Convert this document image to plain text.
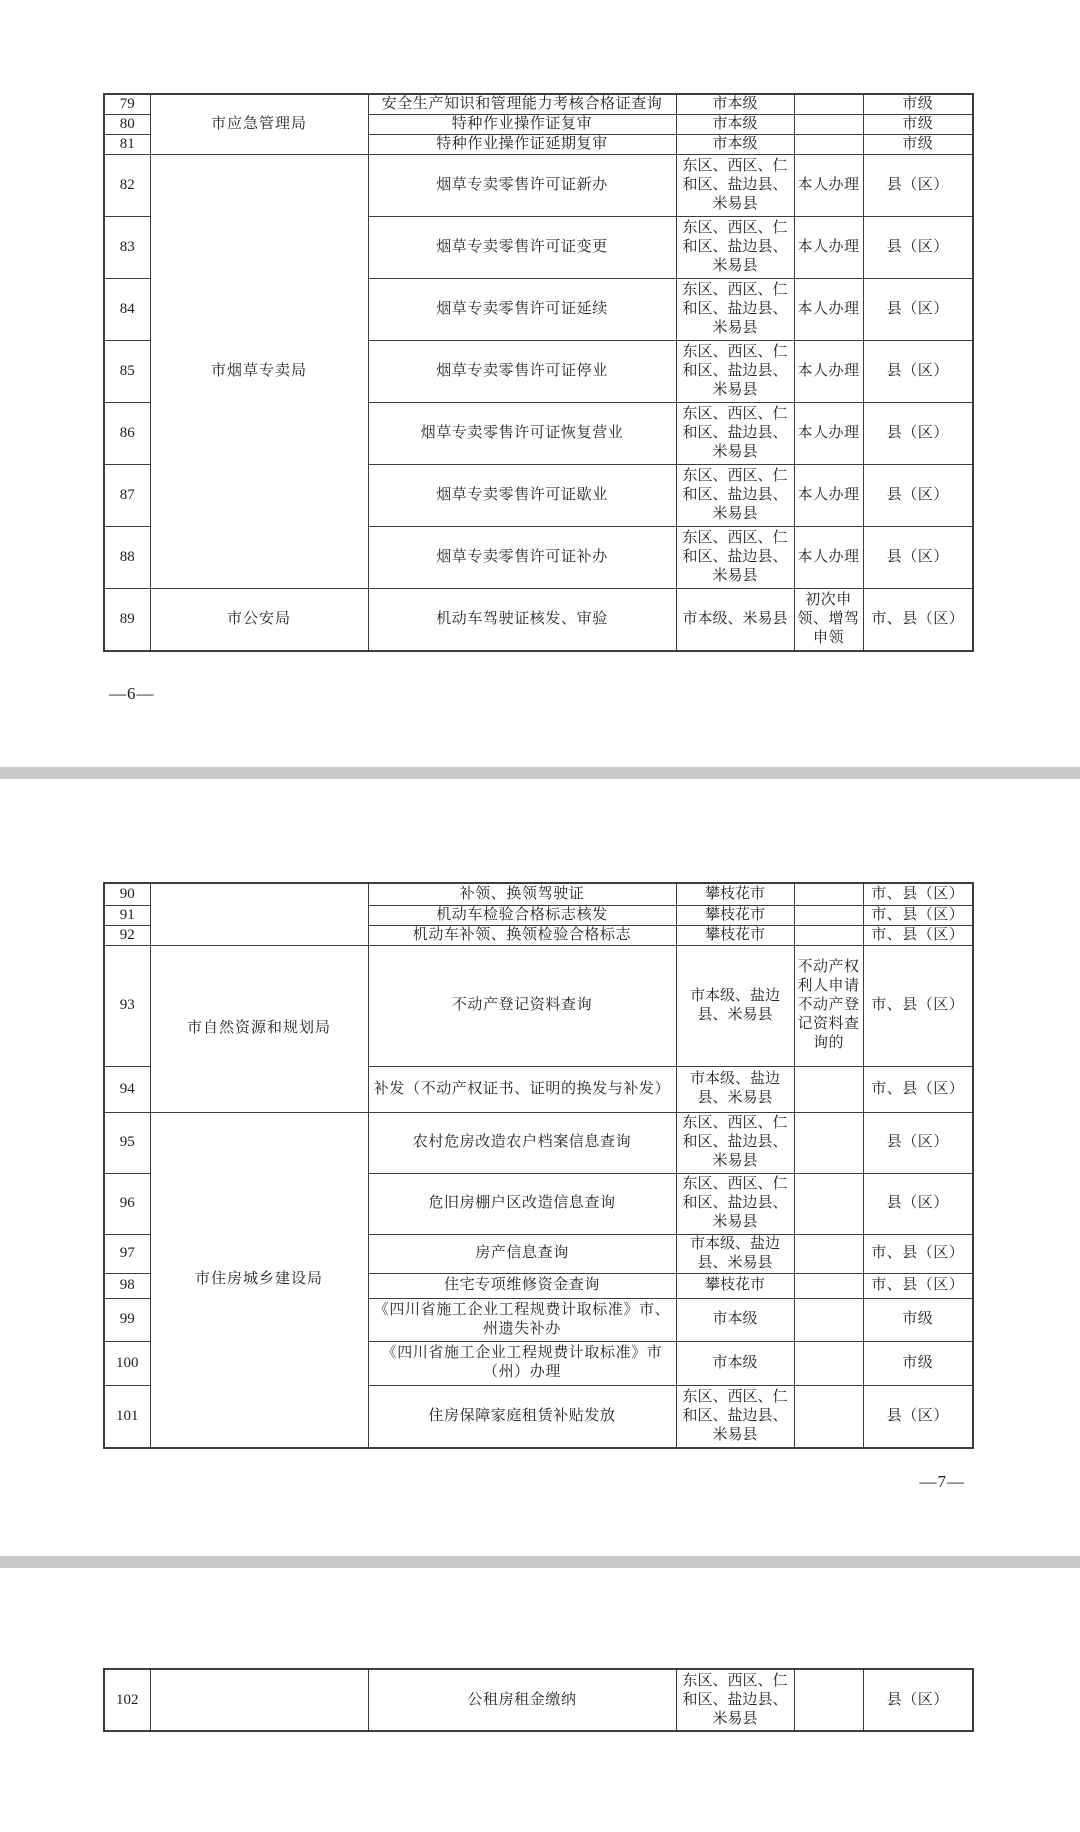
79	市应急管理局	安全生产知识和管理能力考核合格证查询	市本级		市级
80		特种作业操作证复审	市本级		市级
81		特种作业操作证延期复审	市本级		市级
82	市烟草专卖局	烟草专卖零售许可证新办	东区、西区、仁和区、盐边县、米易县	本人办理	县（区）
83		烟草专卖零售许可证变更	东区、西区、仁和区、盐边县、米易县	本人办理	县（区）
84		烟草专卖零售许可证延续	东区、西区、仁和区、盐边县、米易县	本人办理	县（区）
85		烟草专卖零售许可证停业	东区、西区、仁和区、盐边县、米易县	本人办理	县（区）
86		烟草专卖零售许可证恢复营业	东区、西区、仁和区、盐边县、米易县	本人办理	县（区）
87		烟草专卖零售许可证歇业	东区、西区、仁和区、盐边县、米易县	本人办理	县（区）
88		烟草专卖零售许可证补办	东区、西区、仁和区、盐边县、米易县	本人办理	县（区）
89	市公安局	机动车驾驶证核发、审验	市本级、米易县	初次申领、增驾申领	市、县（区）
90		补领、换领驾驶证	攀枝花市		市、县（区）
91		机动车检验合格标志核发	攀枝花市		市、县（区）
92		机动车补领、换领检验合格标志	攀枝花市		市、县（区）
93	市自然资源和规划局	不动产登记资料查询	市本级、盐边县、米易县	不动产权利人申请不动产登记资料查询的	市、县（区）
94		补发（不动产权证书、证明的换发与补发）	市本级、盐边县、米易县		市、县（区）
95	市住房城乡建设局	农村危房改造农户档案信息查询	东区、西区、仁和区、盐边县、米易县		县（区）
96		危旧房棚户区改造信息查询	东区、西区、仁和区、盐边县、米易县		县（区）
97		房产信息查询	市本级、盐边县、米易县		市、县（区）
98		住宅专项维修资金查询	攀枝花市		市、县（区）
99		《四川省施工企业工程规费计取标准》市、州遗失补办	市本级		市级
100		《四川省施工企业工程规费计取标准》市（州）办理	市本级		市级
101		住房保障家庭租赁补贴发放	东区、西区、仁和区、盐边县、米易县		县（区）
102		公租房租金缴纳	东区、西区、仁和区、盐边县、米易县		县（区）
—6—
—7—
